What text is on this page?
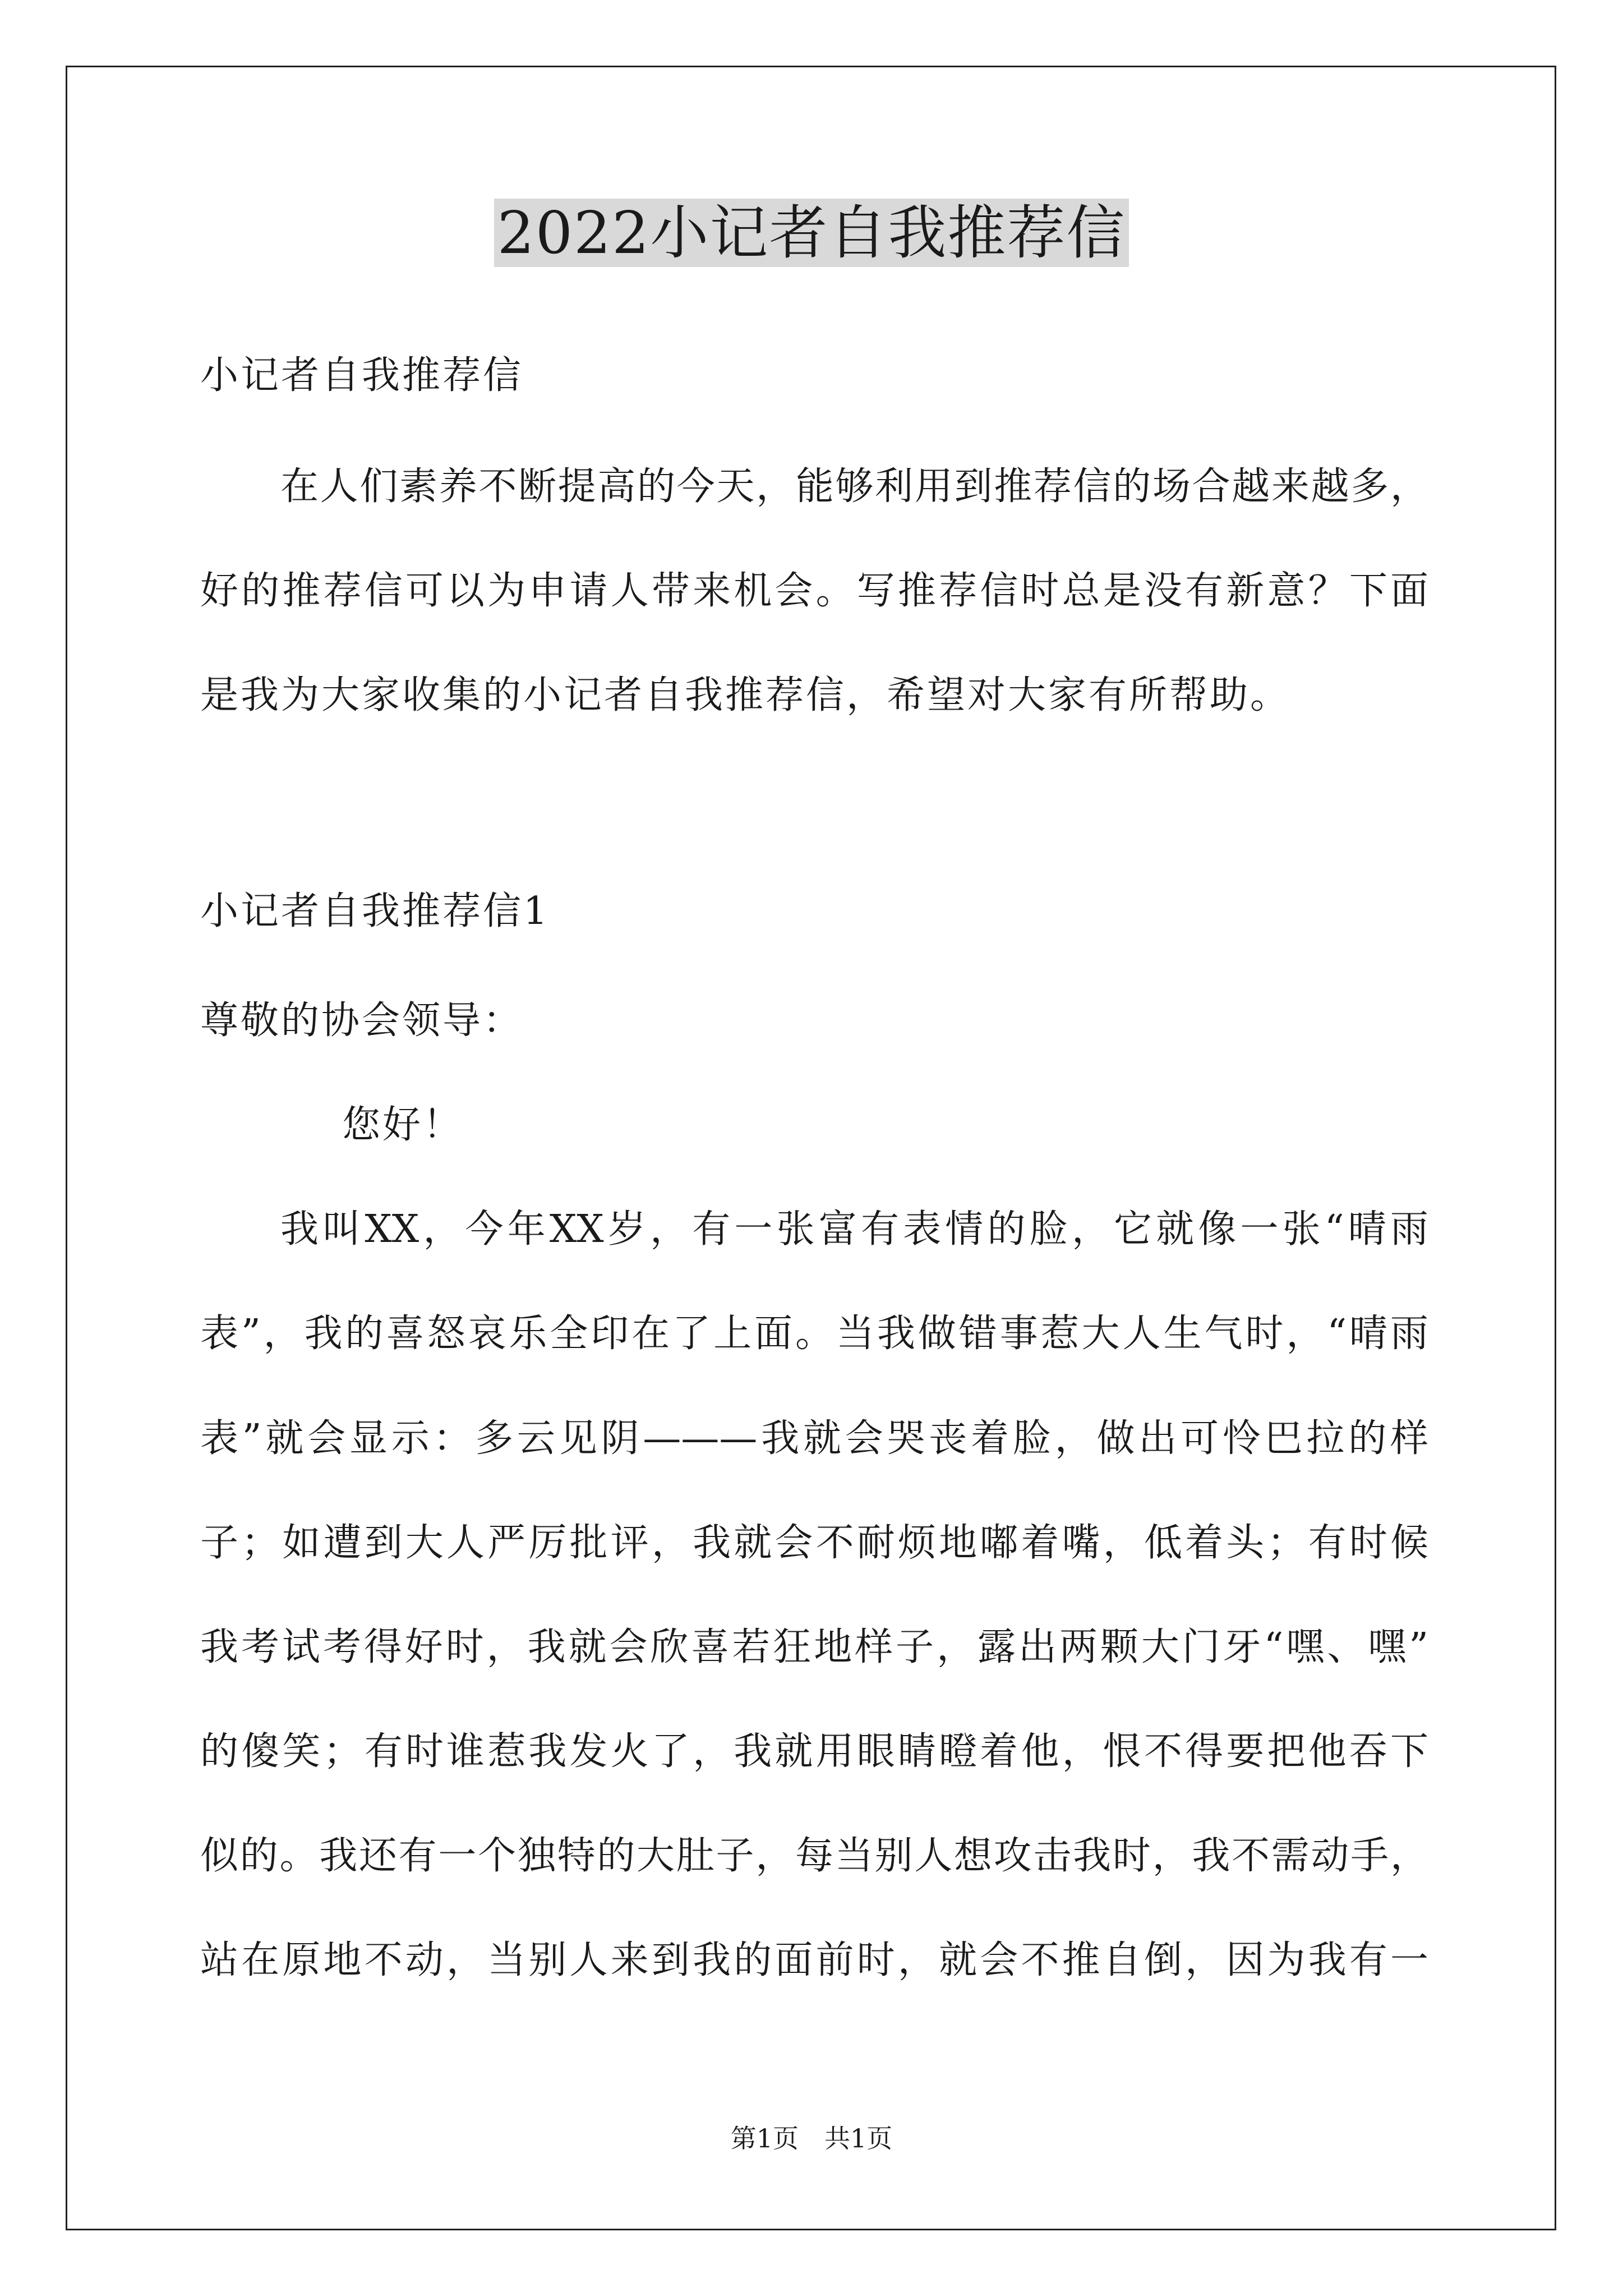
2022小记者自我推荐信
小记者自我推荐信
在人们素养不断提高的今天，能够利用到推荐信的场合越来越多，
好的推荐信可以为申请人带来机会。写推荐信时总是没有新意？下面
是我为大家收集的小记者自我推荐信，希望对大家有所帮助。
小记者自我推荐信1
尊敬的协会领导：
您好！
我叫XX，今年XX岁，有一张富有表情的脸，它就像一张“晴雨
表”，我的喜怒哀乐全印在了上面。当我做错事惹大人生气时，“晴雨
表”就会显示：多云见阴———我就会哭丧着脸，做出可怜巴拉的样
子；如遭到大人严厉批评，我就会不耐烦地嘟着嘴，低着头；有时候
我考试考得好时，我就会欣喜若狂地样子，露出两颗大门牙“嘿、嘿”
的傻笑；有时谁惹我发火了，我就用眼睛瞪着他，恨不得要把他吞下
似的。我还有一个独特的大肚子，每当别人想攻击我时，我不需动手，
站在原地不动，当别人来到我的面前时，就会不推自倒，因为我有一
第1页　共1页
